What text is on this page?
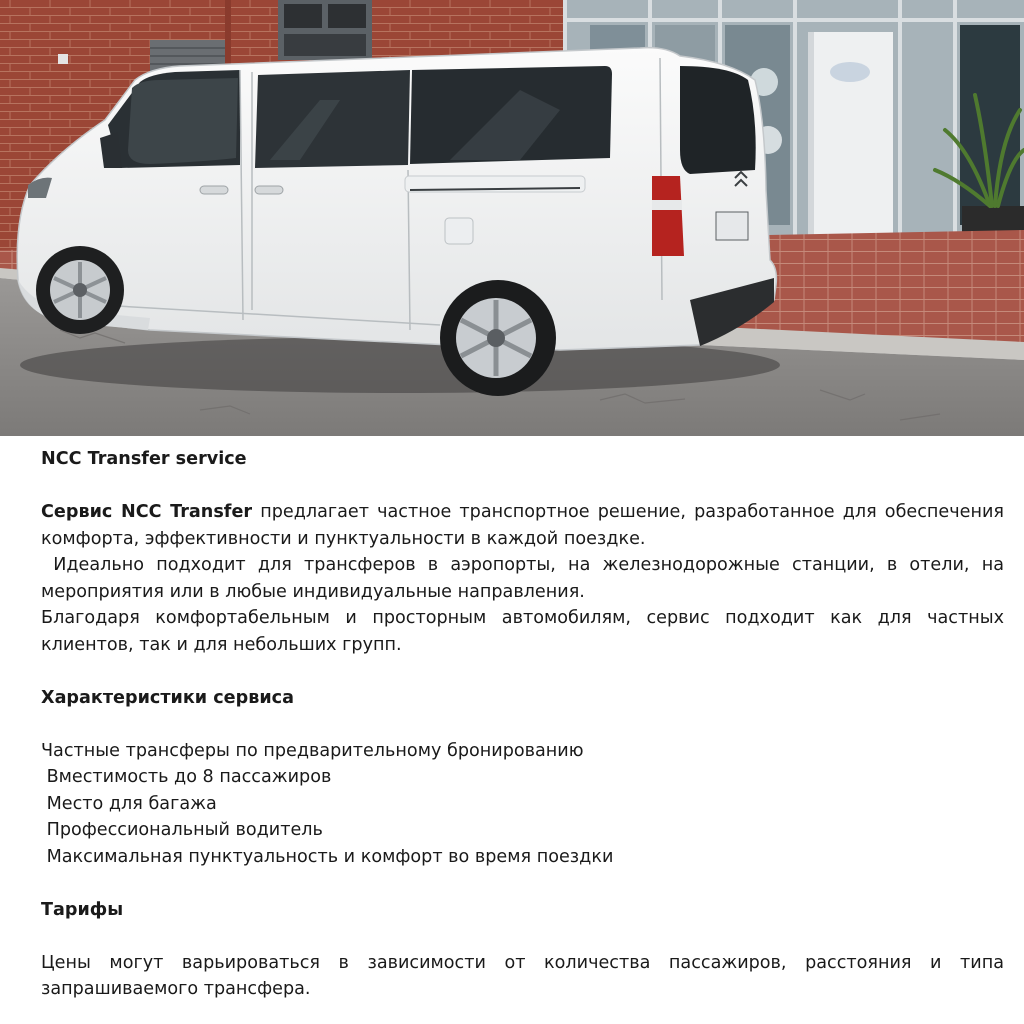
NCC Transfer service

Сервис NCC Transfer предлагает частное транспортное решение, разработанное для обеспечения комфорта, эффективности и пунктуальности в каждой поездке.

Идеально подходит для трансферов в аэропорты, на железнодорожные станции, в отели, на мероприятия или в любые индивидуальные направления.

Благодаря комфортабельным и просторным автомобилям, сервис подходит как для частных клиентов, так и для небольших групп.

Характеристики сервиса

Частные трансферы по предварительному бронированию

Вместимость до 8 пассажиров

Место для багажа

Профессиональный водитель

Максимальная пунктуальность и комфорт во время поездки

Тарифы

Цены могут варьироваться в зависимости от количества пассажиров, расстояния и типа запрашиваемого трансфера.
